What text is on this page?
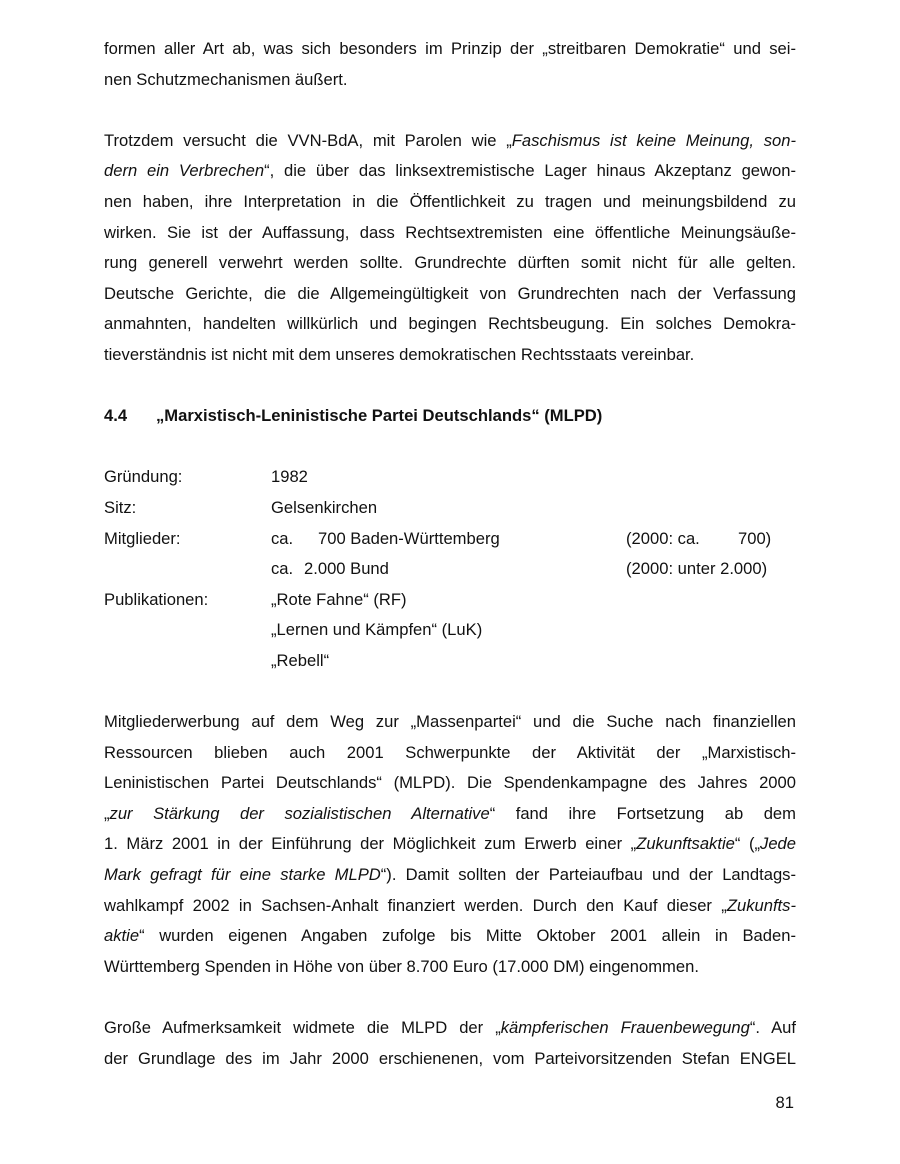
formen aller Art ab, was sich besonders im Prinzip der „streitbaren Demokratie“ und sei-
nen Schutzmechanismen äußert.
Trotzdem versucht die VVN-BdA, mit Parolen wie „Faschismus ist keine Meinung, son-
dern ein Verbrechen“, die über das linksextremistische Lager hinaus Akzeptanz gewon-
nen haben, ihre Interpretation in die Öffentlichkeit zu tragen und meinungsbildend zu
wirken. Sie ist der Auffassung, dass Rechtsextremisten eine öffentliche Meinungsäuße-
rung generell verwehrt werden sollte. Grundrechte dürften somit nicht für alle gelten.
Deutsche Gerichte, die die Allgemeingültigkeit von Grundrechten nach der Verfassung
anmahnten, handelten willkürlich und begingen Rechtsbeugung. Ein solches Demokra-
tieverständnis ist nicht mit dem unseres demokratischen Rechtsstaats vereinbar.
4.4	„Marxistisch-Leninistische Partei Deutschlands“ (MLPD)
Gründung:	1982
Sitz:	Gelsenkirchen
Mitglieder:	ca. 700 Baden-Württemberg	(2000: ca. 700)
ca. 2.000 Bund	(2000: unter 2.000)
Publikationen:	„Rote Fahne“ (RF)
„Lernen und Kämpfen“ (LuK)
„Rebell“
Mitgliederwerbung auf dem Weg zur „Massenpartei“ und die Suche nach finanziellen
Ressourcen blieben auch 2001 Schwerpunkte der Aktivität der „Marxistisch-
Leninistischen Partei Deutschlands“ (MLPD). Die Spendenkampagne des Jahres 2000
„zur Stärkung der sozialistischen Alternative“ fand ihre Fortsetzung ab dem
1. März 2001 in der Einführung der Möglichkeit zum Erwerb einer „Zukunftsaktie“ („Jede
Mark gefragt für eine starke MLPD“). Damit sollten der Parteiaufbau und der Landtags-
wahlkampf 2002 in Sachsen-Anhalt finanziert werden. Durch den Kauf dieser „Zukunfts-
aktie“ wurden eigenen Angaben zufolge bis Mitte Oktober 2001 allein in Baden-
Württemberg Spenden in Höhe von über 8.700 Euro (17.000 DM) eingenommen.
Große Aufmerksamkeit widmete die MLPD der „kämpferischen Frauenbewegung“. Auf
der Grundlage des im Jahr 2000 erschienenen, vom Parteivorsitzenden Stefan ENGEL
81
